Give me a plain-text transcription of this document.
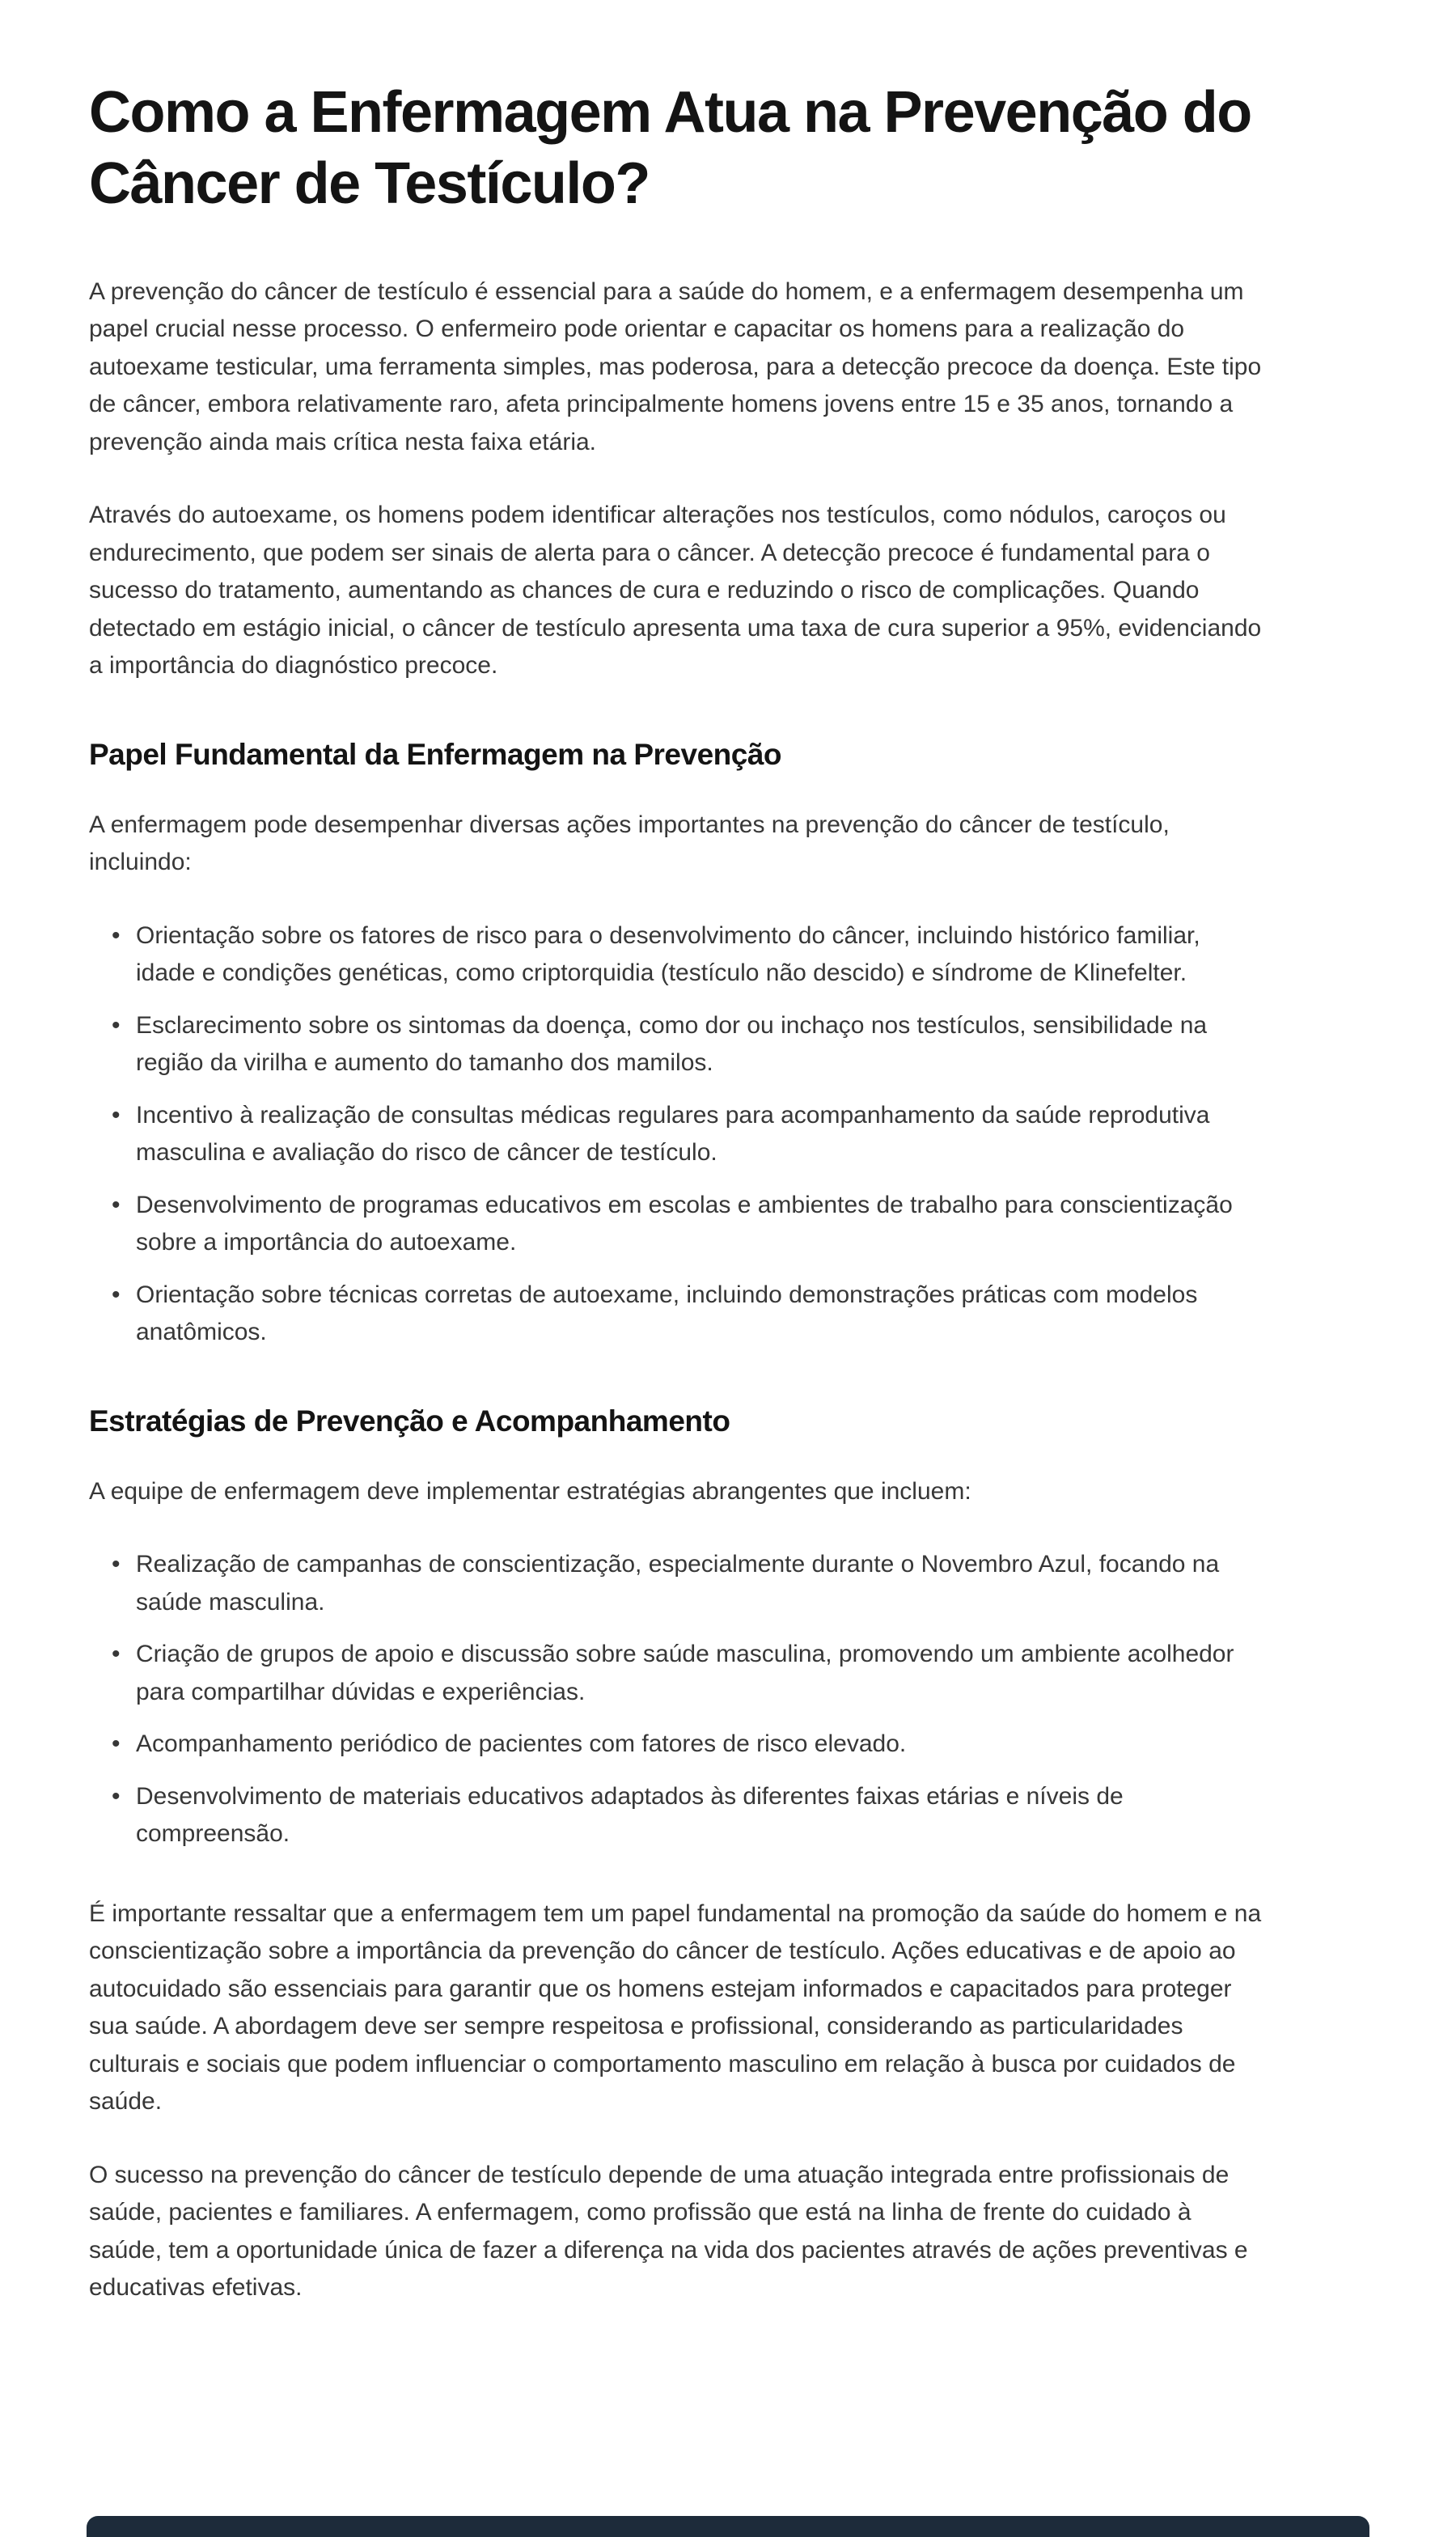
Como a Enfermagem Atua na Prevenção do Câncer de Testículo?

A prevenção do câncer de testículo é essencial para a saúde do homem, e a enfermagem desempenha um papel crucial nesse processo. O enfermeiro pode orientar e capacitar os homens para a realização do autoexame testicular, uma ferramenta simples, mas poderosa, para a detecção precoce da doença. Este tipo de câncer, embora relativamente raro, afeta principalmente homens jovens entre 15 e 35 anos, tornando a prevenção ainda mais crítica nesta faixa etária.

Através do autoexame, os homens podem identificar alterações nos testículos, como nódulos, caroços ou endurecimento, que podem ser sinais de alerta para o câncer. A detecção precoce é fundamental para o sucesso do tratamento, aumentando as chances de cura e reduzindo o risco de complicações. Quando detectado em estágio inicial, o câncer de testículo apresenta uma taxa de cura superior a 95%, evidenciando a importância do diagnóstico precoce.

Papel Fundamental da Enfermagem na Prevenção

A enfermagem pode desempenhar diversas ações importantes na prevenção do câncer de testículo, incluindo:

• Orientação sobre os fatores de risco para o desenvolvimento do câncer, incluindo histórico familiar, idade e condições genéticas, como criptorquidia (testículo não descido) e síndrome de Klinefelter.
• Esclarecimento sobre os sintomas da doença, como dor ou inchaço nos testículos, sensibilidade na região da virilha e aumento do tamanho dos mamilos.
• Incentivo à realização de consultas médicas regulares para acompanhamento da saúde reprodutiva masculina e avaliação do risco de câncer de testículo.
• Desenvolvimento de programas educativos em escolas e ambientes de trabalho para conscientização sobre a importância do autoexame.
• Orientação sobre técnicas corretas de autoexame, incluindo demonstrações práticas com modelos anatômicos.
Estratégias de Prevenção e Acompanhamento

A equipe de enfermagem deve implementar estratégias abrangentes que incluem:

• Realização de campanhas de conscientização, especialmente durante o Novembro Azul, focando na saúde masculina.
• Criação de grupos de apoio e discussão sobre saúde masculina, promovendo um ambiente acolhedor para compartilhar dúvidas e experiências.
• Acompanhamento periódico de pacientes com fatores de risco elevado.
• Desenvolvimento de materiais educativos adaptados às diferentes faixas etárias e níveis de compreensão.

É importante ressaltar que a enfermagem tem um papel fundamental na promoção da saúde do homem e na conscientização sobre a importância da prevenção do câncer de testículo. Ações educativas e de apoio ao autocuidado são essenciais para garantir que os homens estejam informados e capacitados para proteger sua saúde. A abordagem deve ser sempre respeitosa e profissional, considerando as particularidades culturais e sociais que podem influenciar o comportamento masculino em relação à busca por cuidados de saúde.

O sucesso na prevenção do câncer de testículo depende de uma atuação integrada entre profissionais de saúde, pacientes e familiares. A enfermagem, como profissão que está na linha de frente do cuidado à saúde, tem a oportunidade única de fazer a diferença na vida dos pacientes através de ações preventivas e educativas efetivas.
